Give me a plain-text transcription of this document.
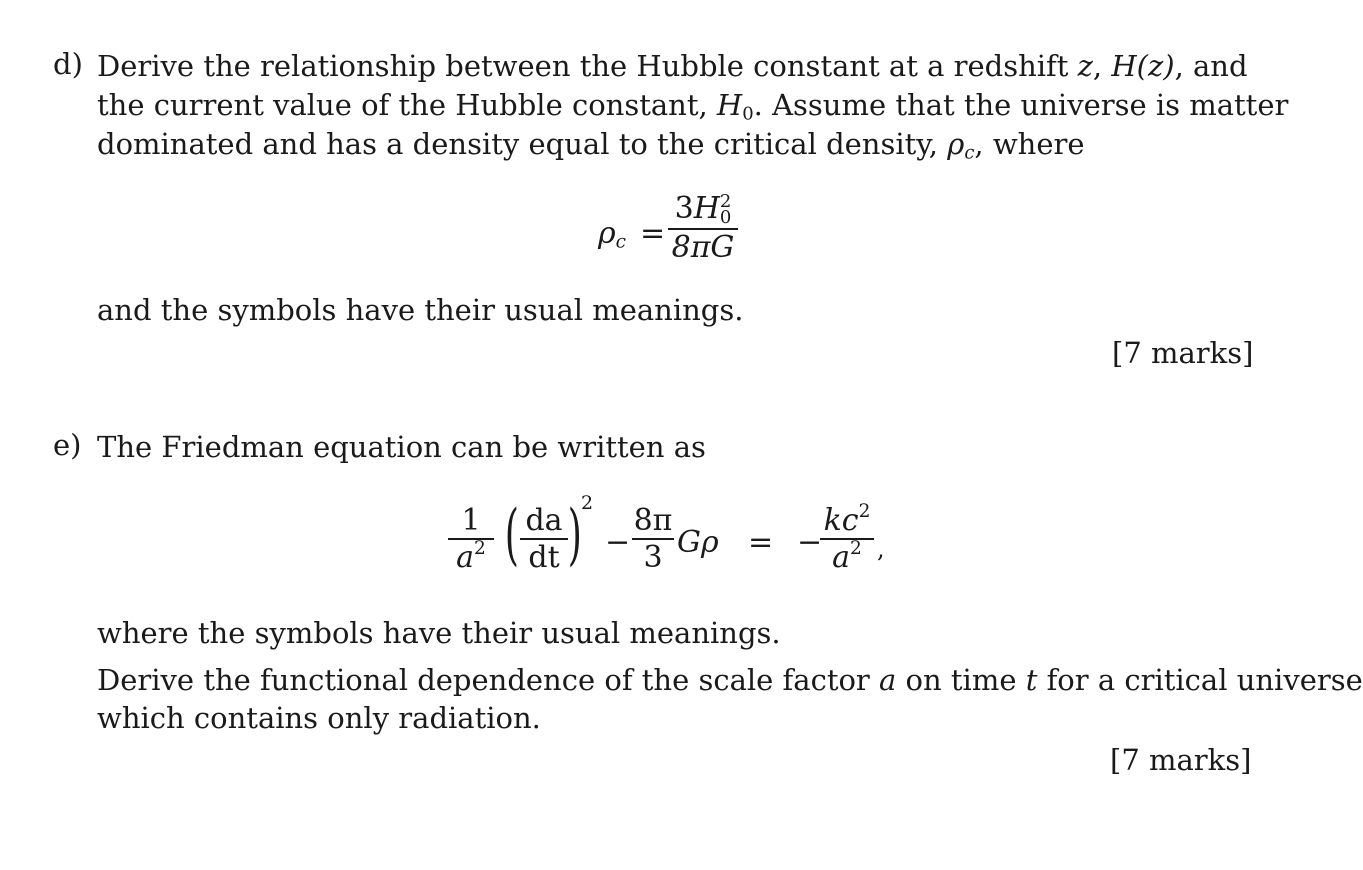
d) Derive the relationship between the Hubble constant at a redshift z, H(z), and
the current value of the Hubble constant, $H_0$. Assume that the universe is matter
dominated and has a density equal to the critical density, $\rho_c$, where
$\rho_c$ =
3H 2
0
8πG
and the symbols have their usual meanings.
[7 marks]
e) The Friedman equation can be written as
1
$a^2$ ( da
dt ) 2
−
8π
3 Gρ = −
$kc^2$
$a^2$ ,
where the symbols have their usual meanings.
Derive the functional dependence of the scale factor a on time t for a critical universe
which contains only radiation.
[7 marks]
